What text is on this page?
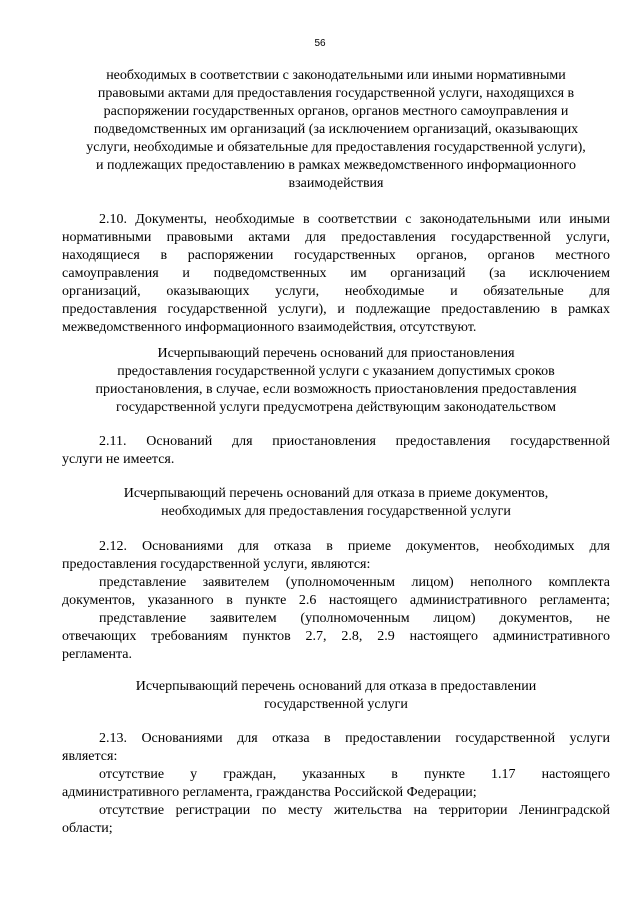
56
необходимых в соответствии с законодательными или иными нормативными
правовыми актами для предоставления государственной услуги, находящихся в
распоряжении государственных органов, органов местного самоуправления и
подведомственных им организаций (за исключением организаций, оказывающих
услуги, необходимые и обязательные для предоставления государственной услуги),
и подлежащих предоставлению в рамках межведомственного информационного
взаимодействия
2.10. Документы, необходимые в соответствии с законодательными или иными
нормативными правовыми актами для предоставления государственной услуги,
находящиеся в распоряжении государственных органов, органов местного
самоуправления и подведомственных им организаций (за исключением
организаций, оказывающих услуги, необходимые и обязательные для
предоставления государственной услуги), и подлежащие предоставлению в рамках
межведомственного информационного взаимодействия, отсутствуют.
Исчерпывающий перечень оснований для приостановления
предоставления государственной услуги с указанием допустимых сроков
приостановления, в случае, если возможность приостановления предоставления
государственной услуги предусмотрена действующим законодательством
2.11. Оснований для приостановления предоставления государственной
услуги не имеется.
Исчерпывающий перечень оснований для отказа в приеме документов,
необходимых для предоставления государственной услуги
2.12. Основаниями для отказа в приеме документов, необходимых для
предоставления государственной услуги, являются:
представление заявителем (уполномоченным лицом) неполного комплекта
документов, указанного в пункте 2.6 настоящего административного регламента;
представление заявителем (уполномоченным лицом) документов, не
отвечающих требованиям пунктов 2.7, 2.8, 2.9 настоящего административного
регламента.
Исчерпывающий перечень оснований для отказа в предоставлении
государственной услуги
2.13. Основаниями для отказа в предоставлении государственной услуги
является:
отсутствие у граждан, указанных в пункте 1.17 настоящего
административного регламента, гражданства Российской Федерации;
отсутствие регистрации по месту жительства на территории Ленинградской
области;
